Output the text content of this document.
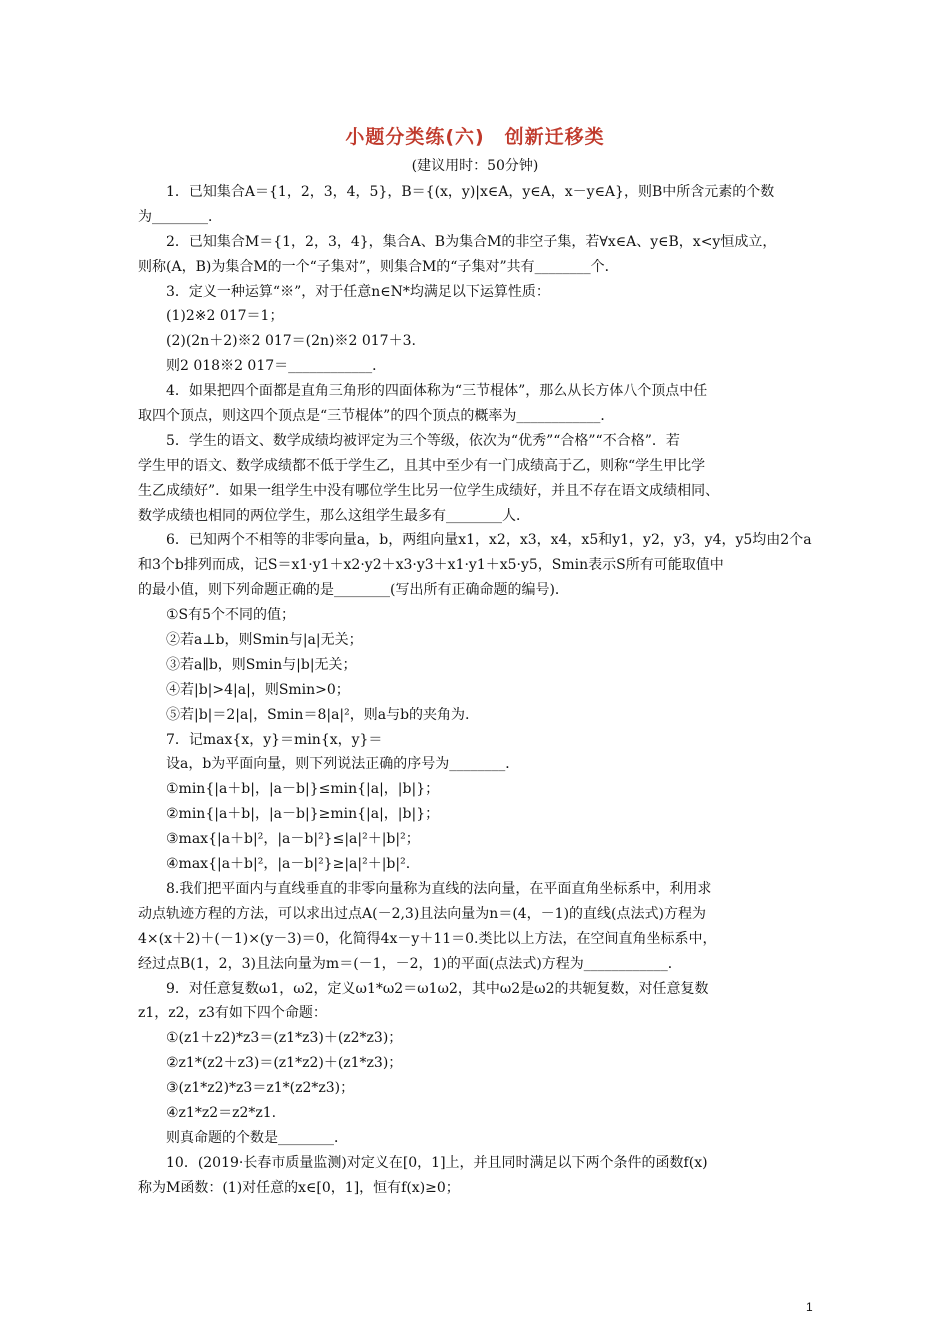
小题分类练(六)　创新迁移类
(建议用时：50分钟)
1．已知集合A＝{1，2，3，4，5}，B＝{(x，y)|x∈A，y∈A，x－y∈A}，则B中所含元素的个数
为________．
2．已知集合M＝{1，2，3，4}，集合A、B为集合M的非空子集，若∀x∈A、y∈B，x<y恒成立，
则称(A，B)为集合M的一个“子集对”，则集合M的“子集对”共有________个．
3．定义一种运算“※”，对于任意n∈N*均满足以下运算性质：
(1)2※2 017＝1；
(2)(2n＋2)※2 017＝(2n)※2 017＋3.
则2 018※2 017＝____________．
4．如果把四个面都是直角三角形的四面体称为“三节棍体”，那么从长方体八个顶点中任
取四个顶点，则这四个顶点是“三节棍体”的四个顶点的概率为____________．
5．学生的语文、数学成绩均被评定为三个等级，依次为“优秀”“合格”“不合格”．若
学生甲的语文、数学成绩都不低于学生乙，且其中至少有一门成绩高于乙，则称“学生甲比学
生乙成绩好”．如果一组学生中没有哪位学生比另一位学生成绩好，并且不存在语文成绩相同、
数学成绩也相同的两位学生，那么这组学生最多有________人．
6．已知两个不相等的非零向量a，b，两组向量x1，x2，x3，x4，x5和y1，y2，y3，y4，y5均由2个a
和3个b排列而成，记S＝x1·y1＋x2·y2＋x3·y3＋x1·y1＋x5·y5，Smin表示S所有可能取值中
的最小值，则下列命题正确的是________(写出所有正确命题的编号)．
①S有5个不同的值；
②若a⊥b，则Smin与|a|无关；
③若a∥b，则Smin与|b|无关；
④若|b|>4|a|，则Smin>0；
⑤若|b|＝2|a|，Smin＝8|a|²，则a与b的夹角为.
7．记max{x，y}＝min{x，y}＝
设a，b为平面向量，则下列说法正确的序号为________．
①min{|a＋b|，|a－b|}≤min{|a|，|b|}；
②min{|a＋b|，|a－b|}≥min{|a|，|b|}；
③max{|a＋b|²，|a－b|²}≤|a|²＋|b|²；
④max{|a＋b|²，|a－b|²}≥|a|²＋|b|².
8.我们把平面内与直线垂直的非零向量称为直线的法向量，在平面直角坐标系中，利用求
动点轨迹方程的方法，可以求出过点A(－2,3)且法向量为n＝(4，－1)的直线(点法式)方程为
4×(x＋2)＋(－1)×(y－3)＝0，化简得4x－y＋11＝0.类比以上方法，在空间直角坐标系中，
经过点B(1，2，3)且法向量为m＝(－1，－2，1)的平面(点法式)方程为____________．
9．对任意复数ω1，ω2，定义ω1*ω2＝ω1ω2，其中ω2是ω2的共轭复数，对任意复数
z1，z2，z3有如下四个命题：
①(z1＋z2)*z3＝(z1*z3)＋(z2*z3)；
②z1*(z2＋z3)＝(z1*z2)＋(z1*z3)；
③(z1*z2)*z3＝z1*(z2*z3)；
④z1*z2＝z2*z1.
则真命题的个数是________．
10．(2019·长春市质量监测)对定义在[0，1]上，并且同时满足以下两个条件的函数f(x)
称为M函数：(1)对任意的x∈[0，1]，恒有f(x)≥0；
1
